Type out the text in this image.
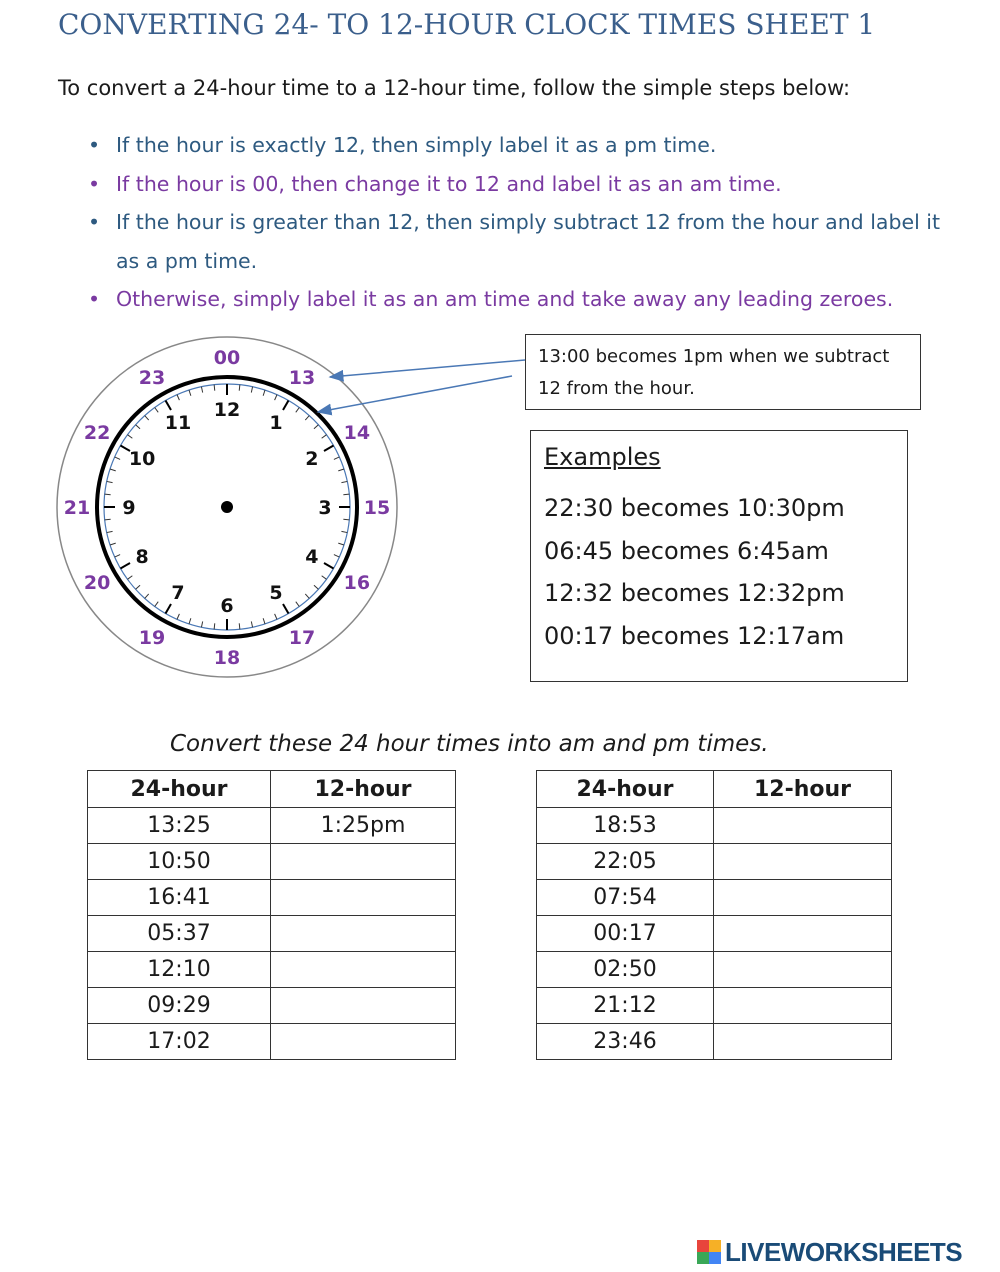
CONVERTING 24- TO 12-HOUR CLOCK TIMES SHEET 1
To convert a 24-hour time to a 12-hour time, follow the simple steps below:
• If the hour is exactly 12, then simply label it as a pm time.
• If the hour is 00, then change it to 12 and label it as an am time.
• If the hour is greater than 12, then simply subtract 12 from the hour and label it as a pm time.
• Otherwise, simply label it as an am time and take away any leading zeroes.
12
1
2
3
4
5
6
7
8
9
10
11
00
13
14
15
16
17
18
19
20
21
22
23
13:00 becomes 1pm when we subtract 12 from the hour.
Examples
22:30 becomes 10:30pm
06:45 becomes 6:45am
12:32 becomes 12:32pm
00:17 becomes 12:17am
Convert these 24 hour times into am and pm times.
24-hour	12-hour
13:25	1:25pm
10:50	
16:41	
05:37	
12:10	
09:29	
17:02	
24-hour	12-hour
18:53	
22:05	
07:54	
00:17	
02:50	
21:12	
23:46	
LIVEWORKSHEETS
